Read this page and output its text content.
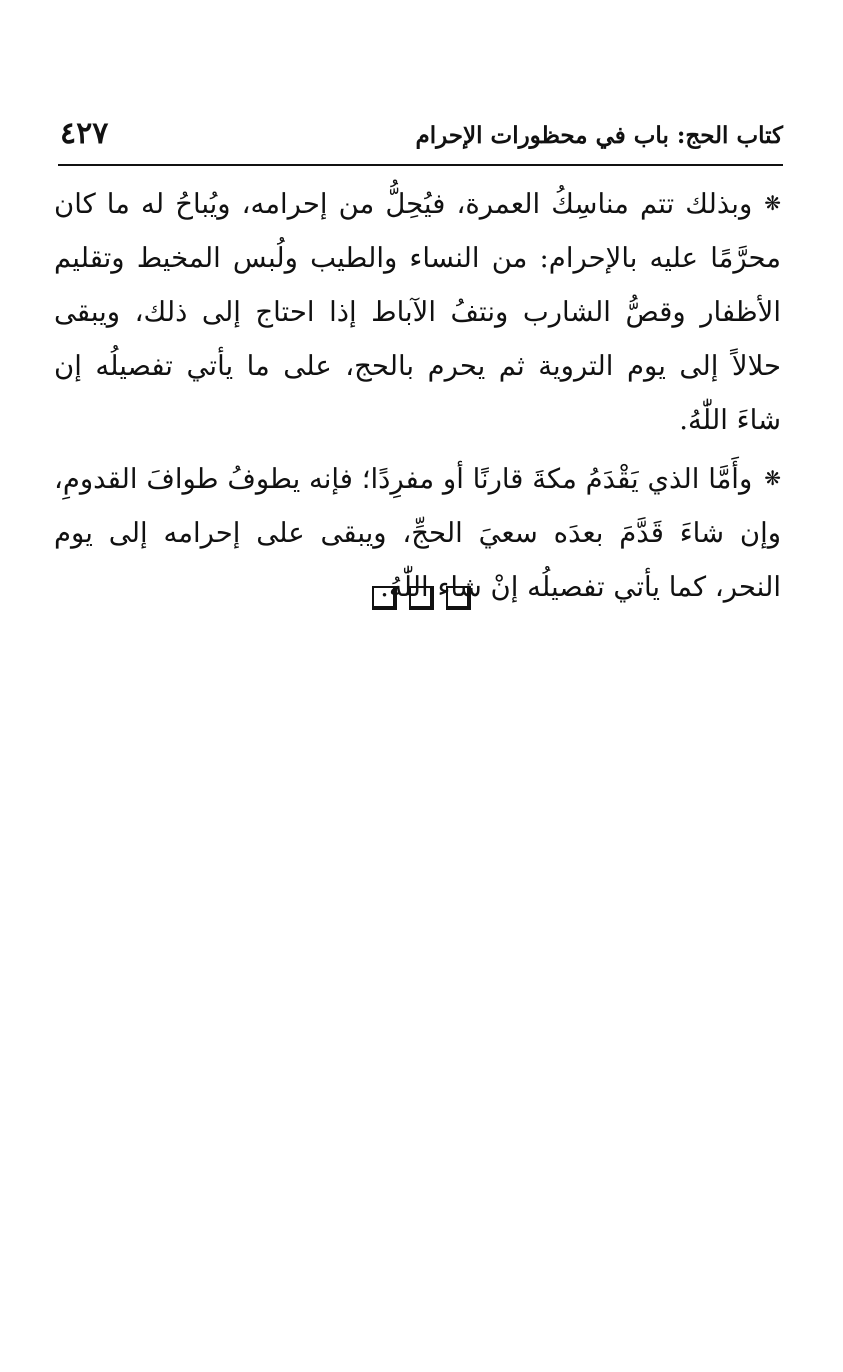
كتاب الحج: باب في محظورات الإحرام
٤٢٧

❋وبذلك تتم مناسِكُ العمرة، فيُحِلُّ من إحرامه، ويُباحُ له ما كان محرَّمًا عليه بالإحرام: من النساء والطيب ولُبس المخيط وتقليم الأظفار وقصُّ الشارب ونتفُ الآباط إذا احتاج إلى ذلك، ويبقى حلالاً إلى يوم التروية ثم يحرم بالحج، على ما يأتي تفصيلُه إن شاءَ اللّٰهُ.

❋وأَمَّا الذي يَقْدَمُ مكةَ قارنًا أو مفرِدًا؛ فإنه يطوفُ طوافَ القدومِ، وإن شاءَ قَدَّمَ بعدَه سعيَ الحجِّ، ويبقى على إحرامه إلى يوم النحر، كما يأتي تفصيلُه إنْ شاء اللّٰهُ.
